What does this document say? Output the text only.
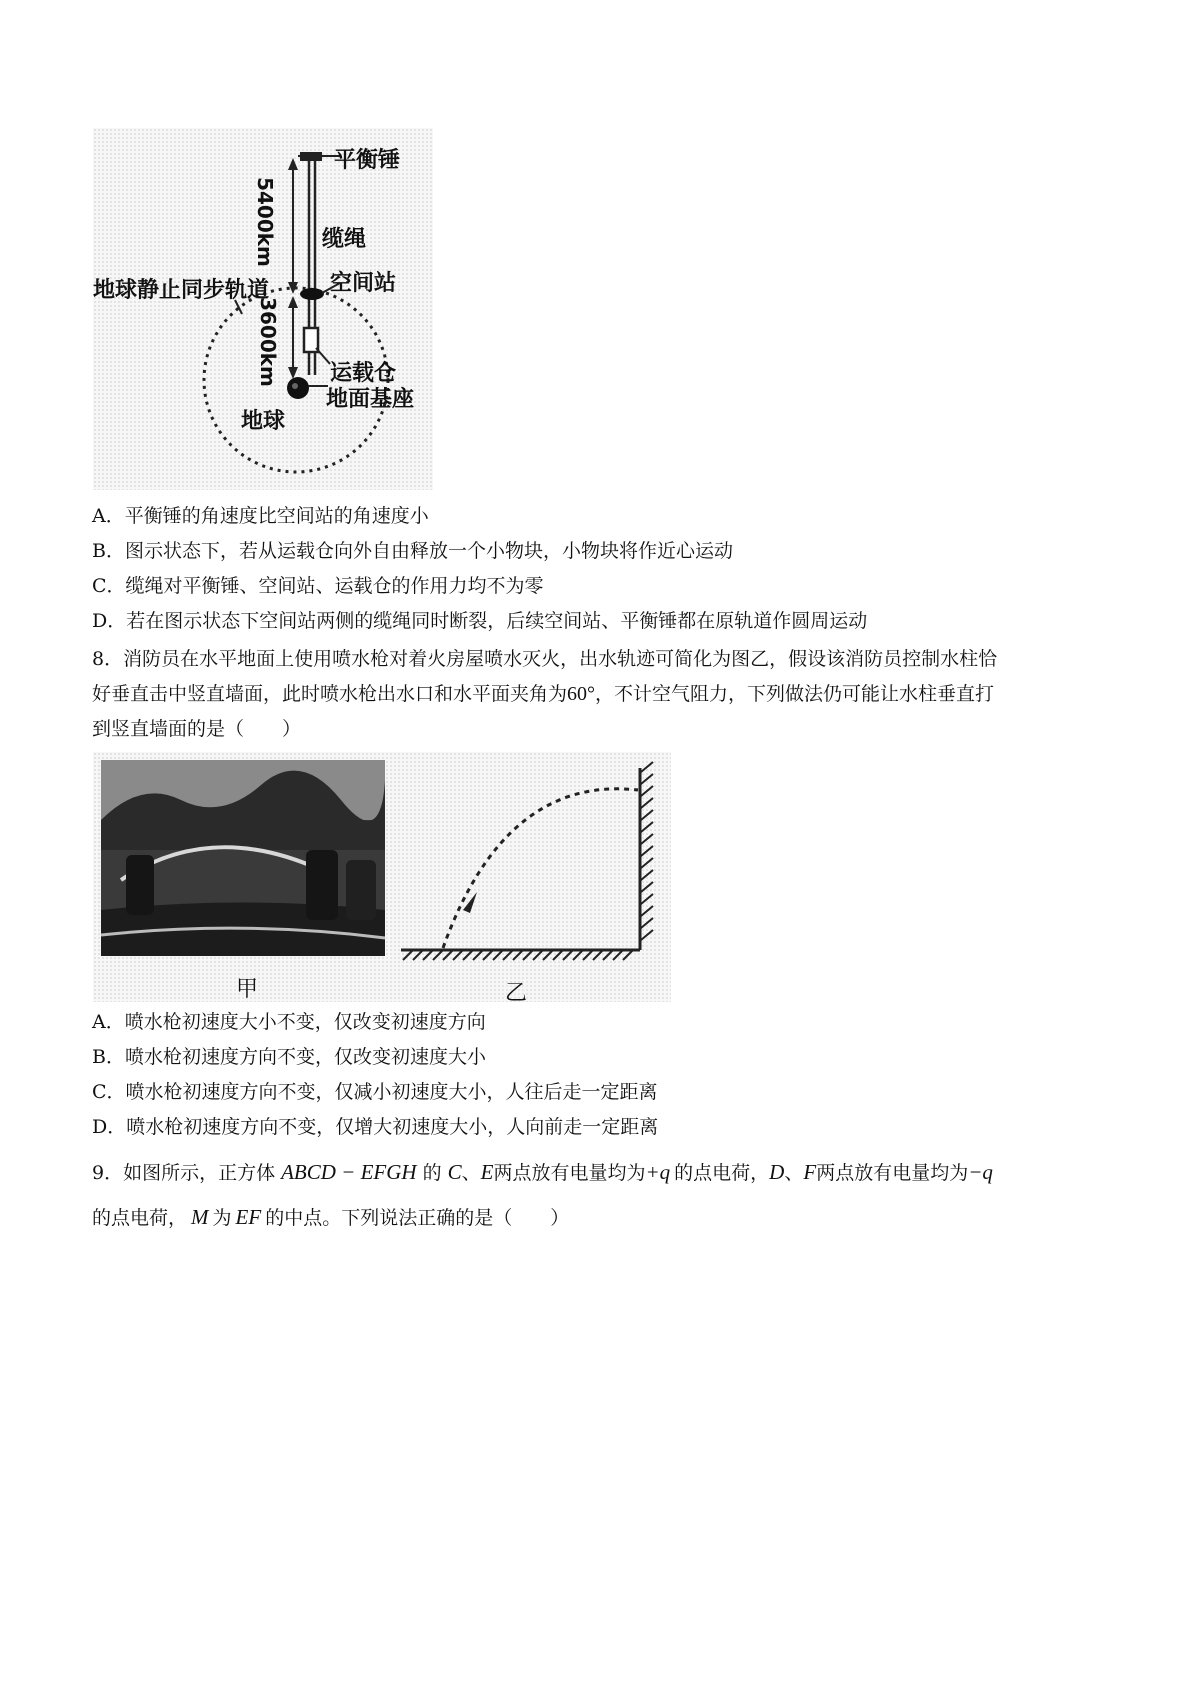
平衡锤
缆绳
空间站
地球静止同步轨道
运载仓
地面基座
地球
5400km
3600km
A．平衡锤的角速度比空间站的角速度小
B．图示状态下，若从运载仓向外自由释放一个小物块，小物块将作近心运动
C．缆绳对平衡锤、空间站、运载仓的作用力均不为零
D．若在图示状态下空间站两侧的缆绳同时断裂，后续空间站、平衡锤都在原轨道作圆周运动
8．消防员在水平地面上使用喷水枪对着火房屋喷水灭火，出水轨迹可简化为图乙，假设该消防员控制水柱恰
好垂直击中竖直墙面，此时喷水枪出水口和水平面夹角为60°，不计空气阻力，下列做法仍可能让水柱垂直打
到竖直墙面的是（　　）
甲	乙
A．喷水枪初速度大小不变，仅改变初速度方向
B．喷水枪初速度方向不变，仅改变初速度大小
C．喷水枪初速度方向不变，仅减小初速度大小，人往后走一定距离
D．喷水枪初速度方向不变，仅增大初速度大小，人向前走一定距离
9．如图所示，正方体 ABCD − EFGH 的 C、E两点放有电量均为+q 的点电荷，D、F两点放有电量均为−q
的点电荷， M 为 EF 的中点。下列说法正确的是（　　）
